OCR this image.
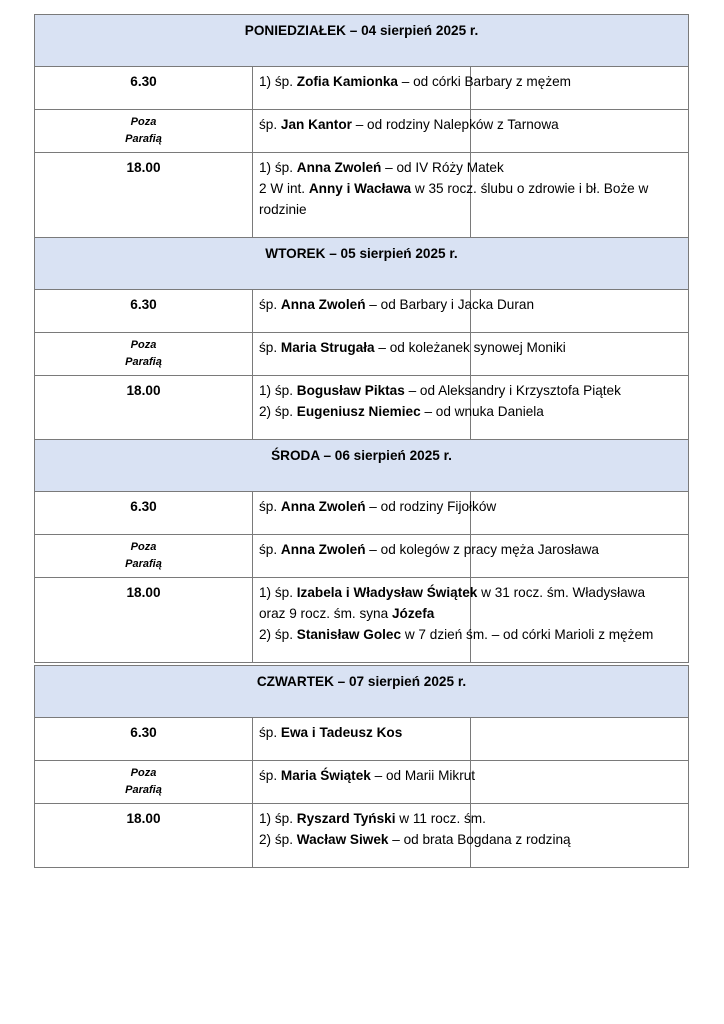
PONIEDZIAŁEK – 04 sierpień 2025 r.		
6.30	1) śp. Zofia Kamionka – od córki Barbary z mężem	

Poza
Parafią	śp. Jan Kantor – od rodziny Nalepków z Tarnowa	

18.00	1) śp. Anna Zwoleń – od IV Róży Matek
2 W int. Anny i Wacława w 35 rocz. ślubu o zdrowie i bł. Boże w
rodzinie	

WTOREK – 05 sierpień 2025 r.		
6.30	śp. Anna Zwoleń – od Barbary i Jacka Duran	

Poza
Parafią	śp. Maria Strugała – od koleżanek synowej Moniki	

18.00	1) śp. Bogusław Piktas – od Aleksandry i Krzysztofa Piątek
2) śp. Eugeniusz Niemiec – od wnuka Daniela	

ŚRODA – 06 sierpień 2025 r.		
6.30	śp. Anna Zwoleń – od rodziny Fijołków	

Poza
Parafią	śp. Anna Zwoleń – od kolegów z pracy męża Jarosława	

18.00	1) śp. Izabela i Władysław Świątek w 31 rocz. śm. Władysława
oraz 9 rocz. śm. syna Józefa
2) śp. Stanisław Golec w 7 dzień śm. – od córki Marioli z mężem	

CZWARTEK – 07 sierpień 2025 r.		
6.30	śp. Ewa i Tadeusz Kos	

Poza
Parafią	śp. Maria Świątek – od Marii Mikrut	

18.00	1) śp. Ryszard Tyński w 11 rocz. śm.
2) śp. Wacław Siwek – od brata Bogdana z rodziną	
